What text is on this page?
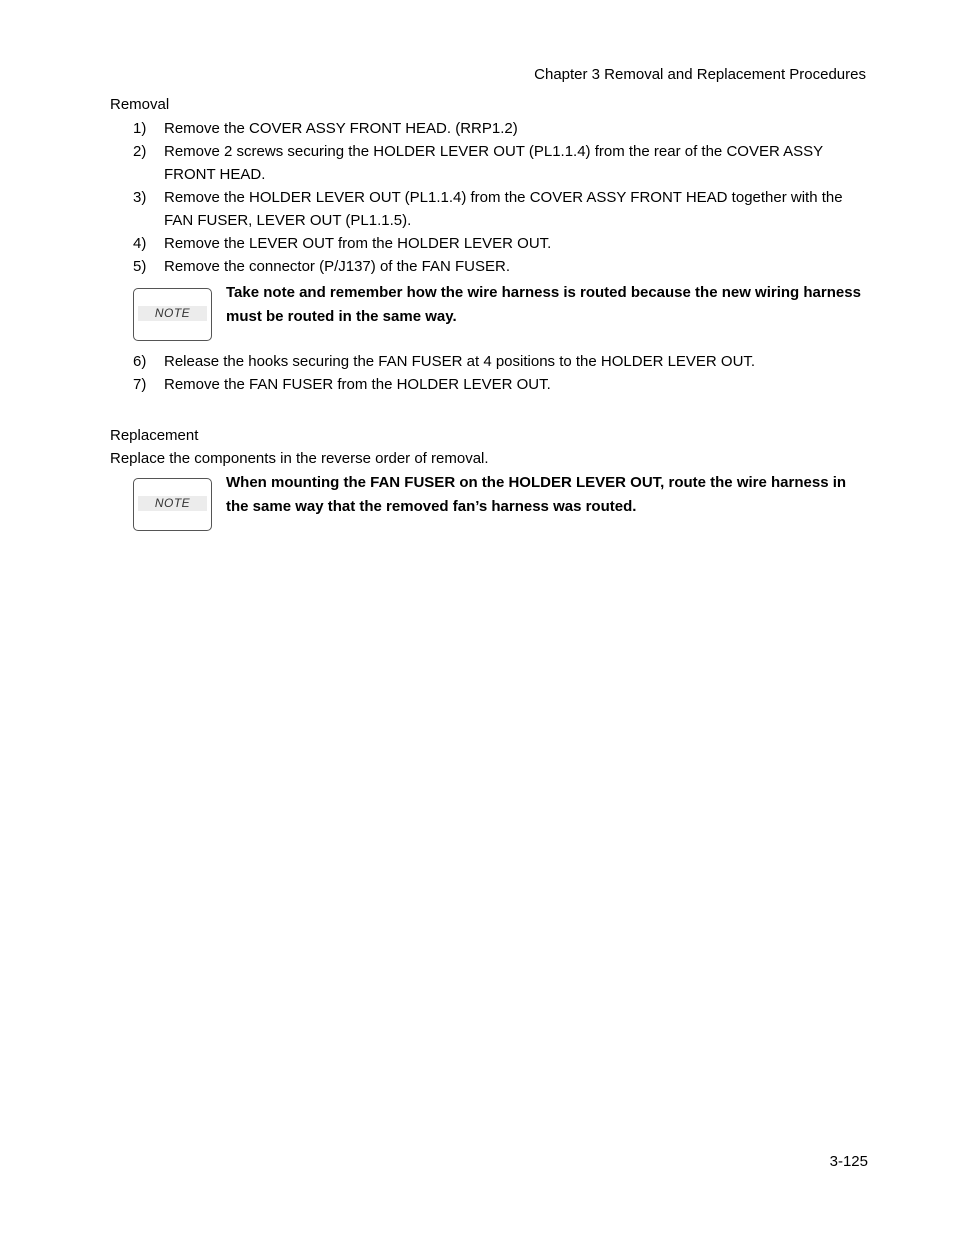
Chapter 3 Removal and Replacement Procedures
Removal
1) Remove the COVER ASSY FRONT HEAD. (RRP1.2)
2) Remove 2 screws securing the HOLDER LEVER OUT (PL1.1.4) from the rear of the COVER ASSY FRONT HEAD.
3) Remove the HOLDER LEVER OUT (PL1.1.4) from the COVER ASSY FRONT HEAD together with the FAN FUSER, LEVER OUT (PL1.1.5).
4) Remove the LEVER OUT from the HOLDER LEVER OUT.
5) Remove the connector (P/J137) of the FAN FUSER.
NOTE
Take note and remember how the wire harness is routed because the new wiring harness must be routed in the same way.
6) Release the hooks securing the FAN FUSER at 4 positions to the HOLDER LEVER OUT.
7) Remove the FAN FUSER from the HOLDER LEVER OUT.
Replacement
Replace the components in the reverse order of removal.
NOTE
When mounting the FAN FUSER on the HOLDER LEVER OUT, route the wire harness in the same way that the removed fan’s harness was routed.
3-125
